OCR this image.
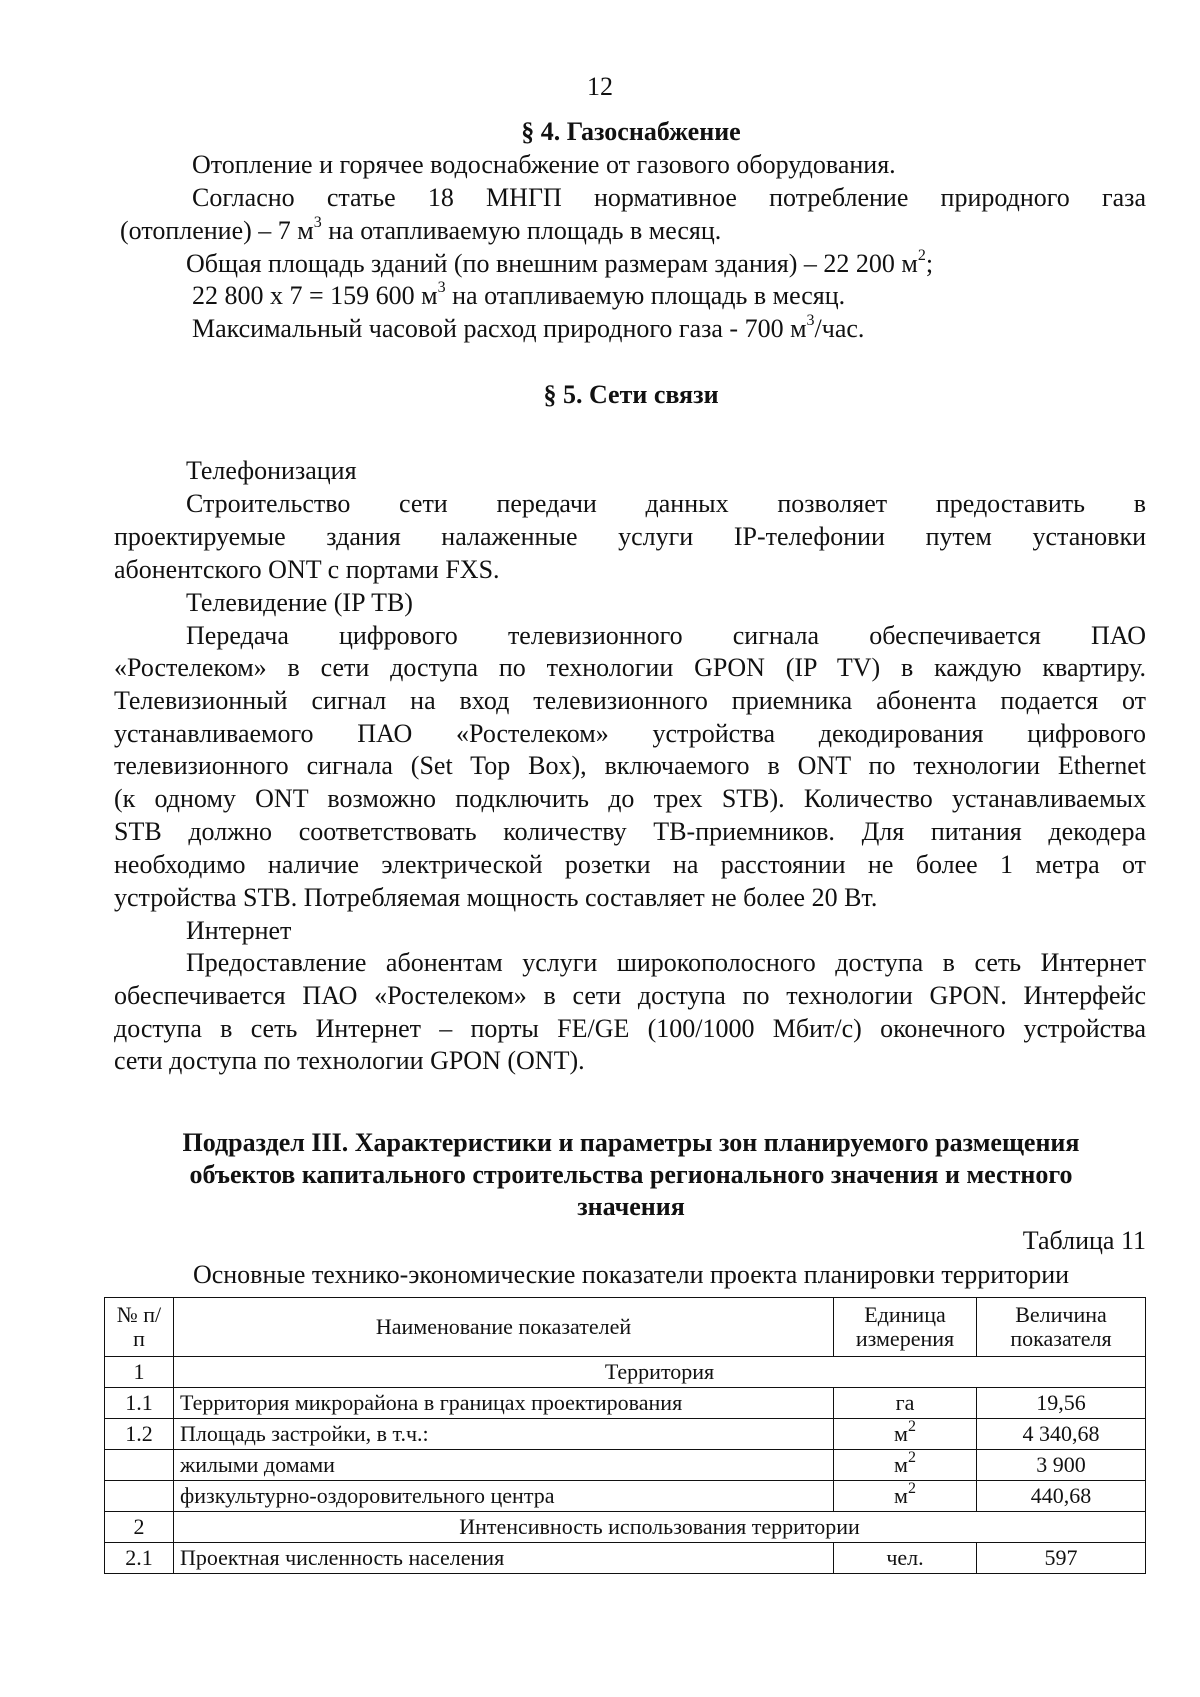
12
§ 4. Газоснабжение
Отопление и горячее водоснабжение от газового оборудования.
Согласно статье 18 МНГП нормативное потребление природного газа
(отопление) – 7 $м^3$ на отапливаемую площадь в месяц.
Общая площадь зданий (по внешним размерам здания) – 22 200 $м^2$;
22 800 х 7 = 159 600 $м^3$ на отапливаемую площадь в месяц.
Максимальный часовой расход природного газа - 700 $м^3$/час.
§ 5. Сети связи
Телефонизация
Строительство сети передачи данных позволяет предоставить в
проектируемые здания налаженные услуги IP-телефонии путем установки
абонентского ONT с портами FXS.
Телевидение (IP ТВ)
Передача цифрового телевизионного сигнала обеспечивается ПАО
«Ростелеком» в сети доступа по технологии GPON (IP TV) в каждую квартиру.
Телевизионный сигнал на вход телевизионного приемника абонента подается от
устанавливаемого ПАО «Ростелеком» устройства декодирования цифрового
телевизионного сигнала (Set Top Box), включаемого в ONT по технологии Ethernet
(к одному ONT возможно подключить до трех STB). Количество устанавливаемых
STB должно соответствовать количеству ТВ-приемников. Для питания декодера
необходимо наличие электрической розетки на расстоянии не более 1 метра от
устройства STB. Потребляемая мощность составляет не более 20 Вт.
Интернет
Предоставление абонентам услуги широкополосного доступа в сеть Интернет
обеспечивается ПАО «Ростелеком» в сети доступа по технологии GPON. Интерфейс
доступа в сеть Интернет – порты FE/GE (100/1000 Мбит/с) оконечного устройства
сети доступа по технологии GPON (ONT).
Подраздел III. Характеристики и параметры зон планируемого размещения
объектов капитального строительства регионального значения и местного
значения
Таблица 11
Основные технико-экономические показатели проекта планировки территории
№ п/п	Наименование показателей	Единица измерения	Величина показателя
1	Территория		
1.1	Территория микрорайона в границах проектирования	га	19,56
1.2	Площадь застройки, в т.ч.:	$м^2$	4 340,68
	жилыми домами	$м^2$	3 900
	физкультурно-оздоровительного центра	$м^2$	440,68
2	Интенсивность использования территории		
2.1	Проектная численность населения	чел.	597
